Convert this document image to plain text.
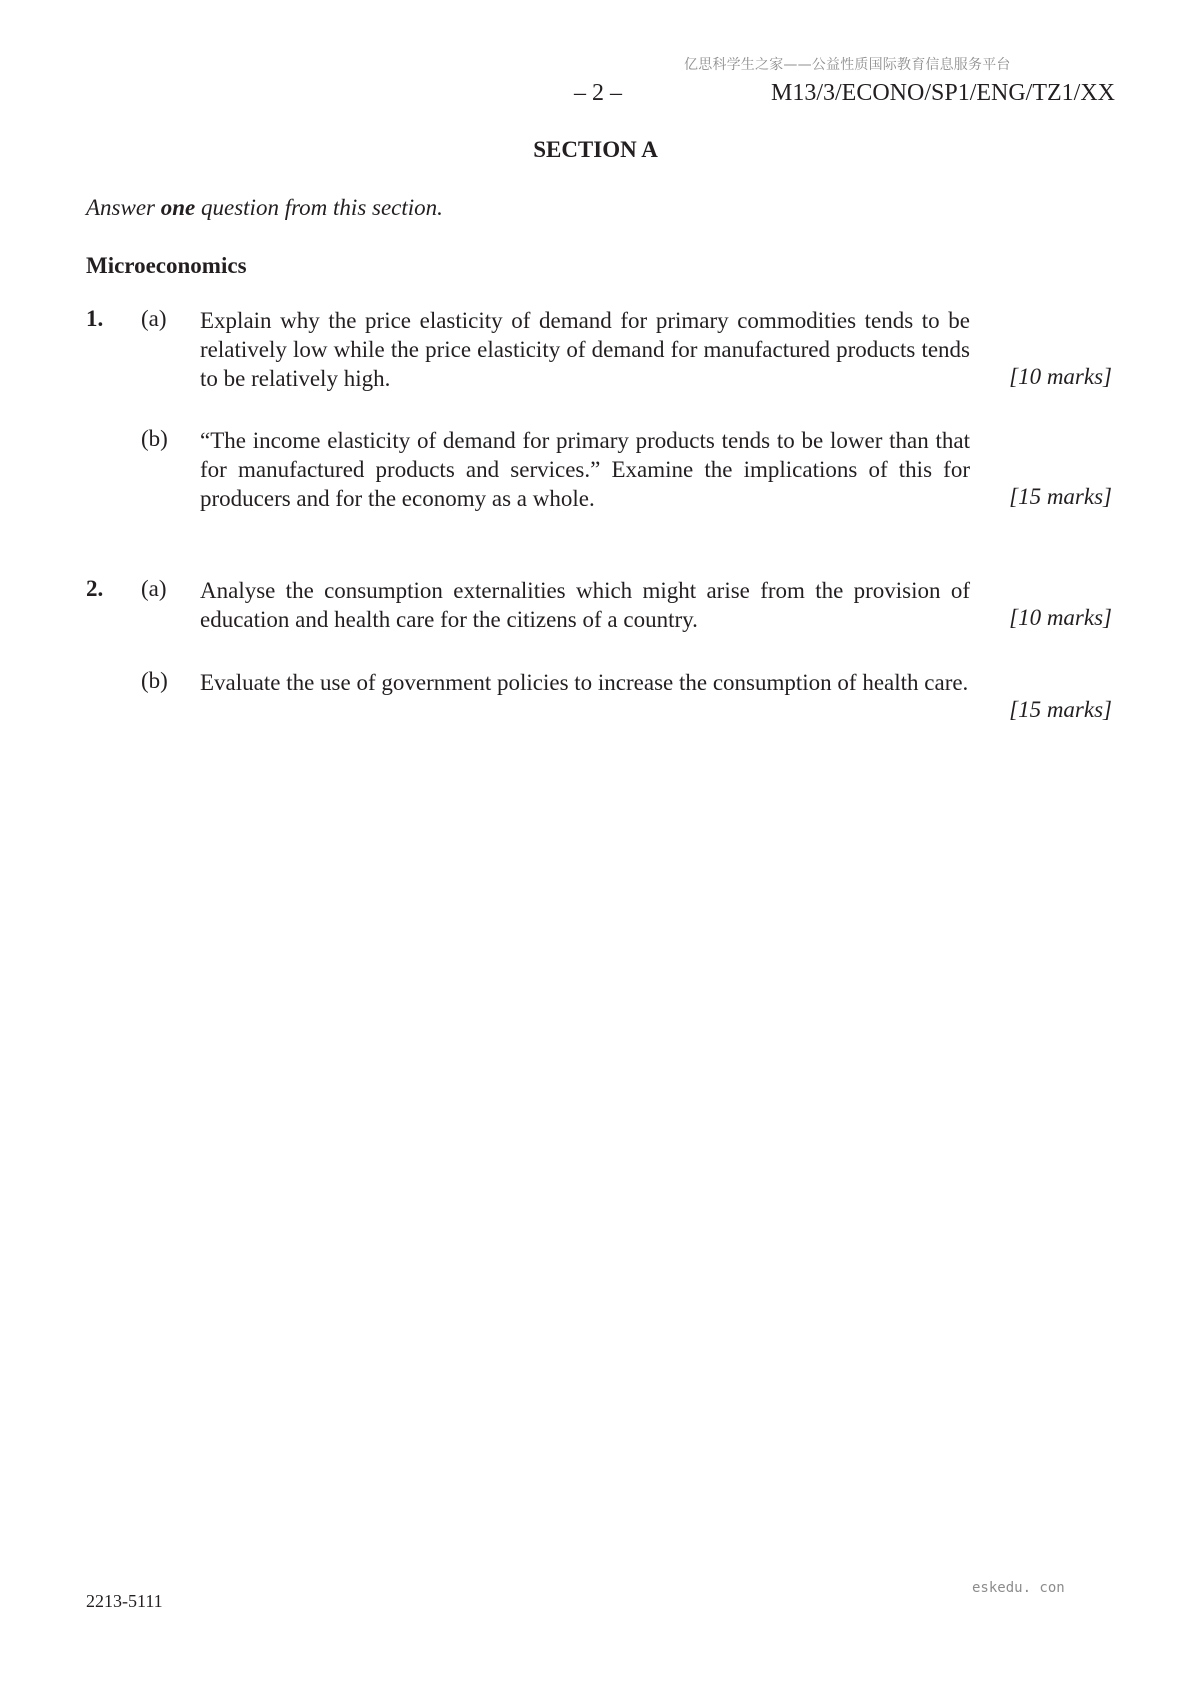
亿思科学生之家——公益性质国际教育信息服务平台
– 2 –	M13/3/ECONO/SP1/ENG/TZ1/XX
SECTION A
Answer one question from this section.
Microeconomics
1. (a) Explain why the price elasticity of demand for primary commodities tends to be relatively low while the price elasticity of demand for manufactured products tends to be relatively high.	[10 marks]
(b) “The income elasticity of demand for primary products tends to be lower than that for manufactured products and services.” Examine the implications of this for producers and for the economy as a whole.	[15 marks]
2. (a) Analyse the consumption externalities which might arise from the provision of education and health care for the citizens of a country.	[10 marks]
(b) Evaluate the use of government policies to increase the consumption of health care.
[15 marks]
2213-5111
eskedu. con
